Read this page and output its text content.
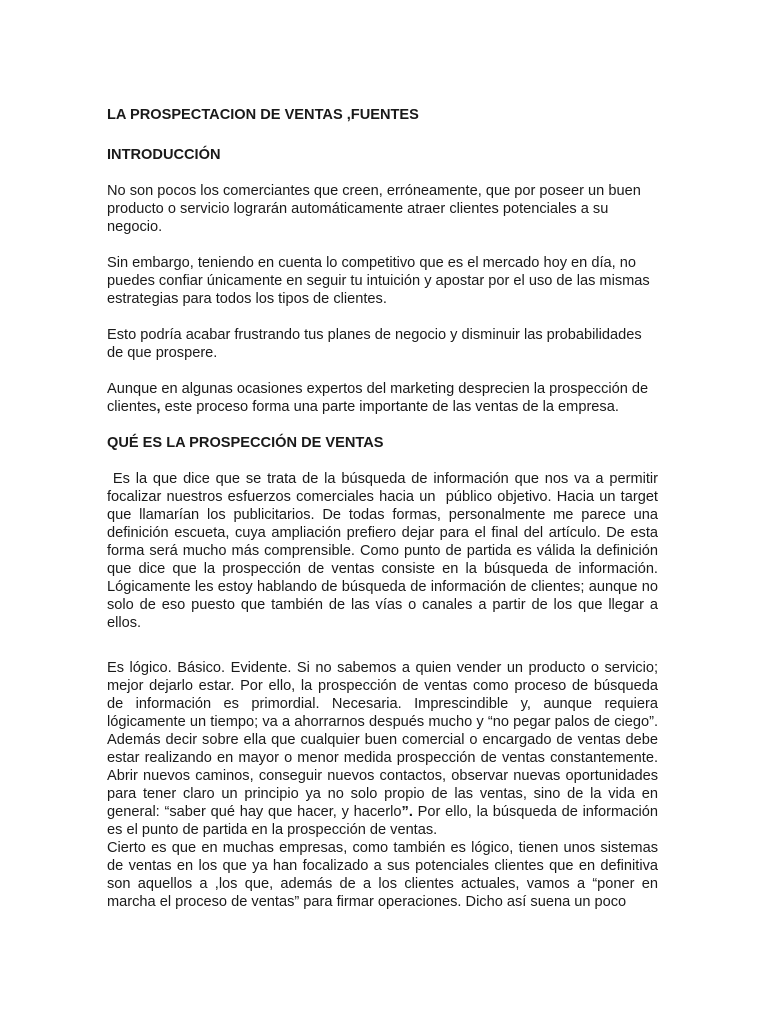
LA PROSPECTACION DE VENTAS ,FUENTES

INTRODUCCIÓN

No son pocos los comerciantes que creen, erróneamente, que por poseer un buen producto o servicio lograrán automáticamente atraer clientes potenciales a su negocio.

Sin embargo, teniendo en cuenta lo competitivo que es el mercado hoy en día, no puedes confiar únicamente en seguir tu intuición y apostar por el uso de las mismas estrategias para todos los tipos de clientes.

Esto podría acabar frustrando tus planes de negocio y disminuir las probabilidades de que prospere.

Aunque en algunas ocasiones expertos del marketing desprecien la prospección de clientes, este proceso forma una parte importante de las ventas de la empresa.

QUÉ ES LA PROSPECCIÓN DE VENTAS

Es la que dice que se trata de la búsqueda de información que nos va a permitir focalizar nuestros esfuerzos comerciales hacia un  público objetivo. Hacia un target que llamarían los publicitarios. De todas formas, personalmente me parece una definición escueta, cuya ampliación prefiero dejar para el final del artículo. De esta forma será mucho más comprensible. Como punto de partida es válida la definición que dice que la prospección de ventas consiste en la búsqueda de información. Lógicamente les estoy hablando de búsqueda de información de clientes; aunque no solo de eso puesto que también de las vías o canales a partir de los que llegar a ellos.

Es lógico. Básico. Evidente. Si no sabemos a quien vender un producto o servicio; mejor dejarlo estar. Por ello, la prospección de ventas como proceso de búsqueda de información es primordial. Necesaria. Imprescindible y, aunque requiera lógicamente un tiempo; va a ahorrarnos después mucho y “no pegar palos de ciego”. Además decir sobre ella que cualquier buen comercial o encargado de ventas debe estar realizando en mayor o menor medida prospección de ventas constantemente. Abrir nuevos caminos, conseguir nuevos contactos, observar nuevas oportunidades para tener claro un principio ya no solo propio de las ventas, sino de la vida en general: “saber qué hay que hacer, y hacerlo”. Por ello, la búsqueda de información es el punto de partida en la prospección de ventas.

Cierto es que en muchas empresas, como también es lógico, tienen unos sistemas de ventas en los que ya han focalizado a sus potenciales clientes que en definitiva son aquellos a ,los que, además de a los clientes actuales, vamos a “poner en marcha el proceso de ventas” para firmar operaciones. Dicho así suena un poco
